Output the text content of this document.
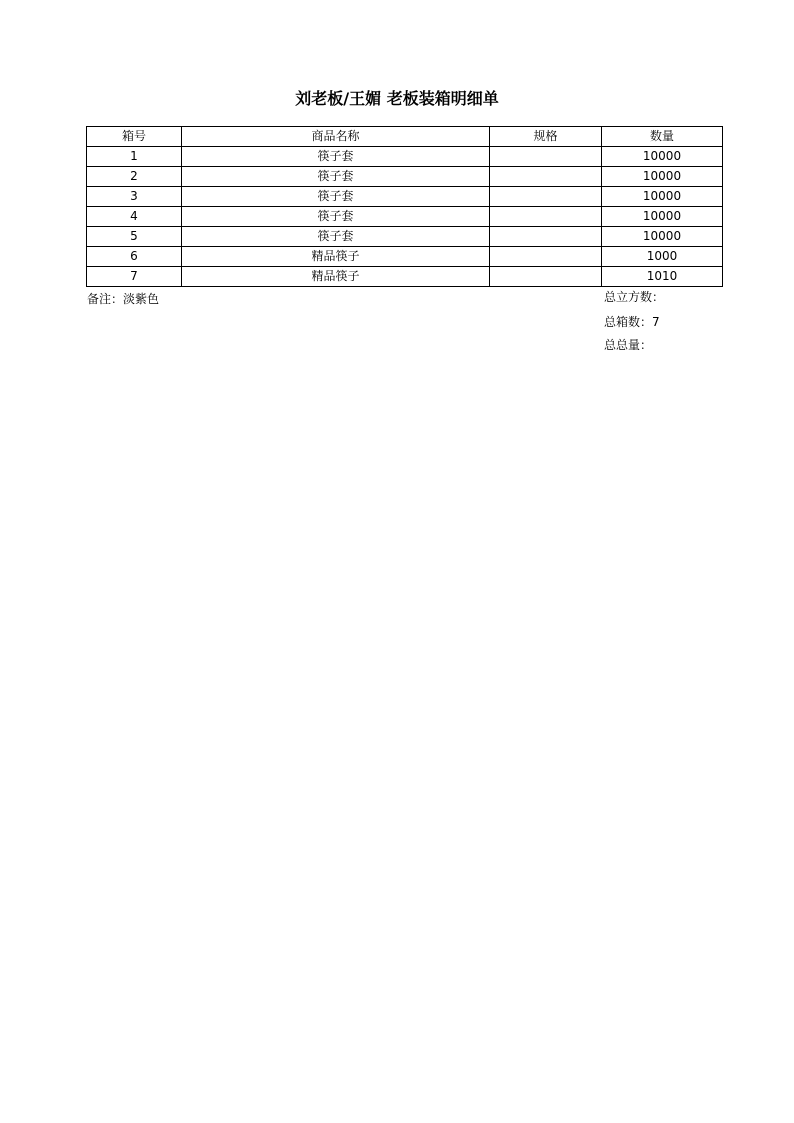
刘老板/王媚 老板装箱明细单
箱号	商品名称	规格	数量
1	筷子套		10000
2	筷子套		10000
3	筷子套		10000
4	筷子套		10000
5	筷子套		10000
6	精品筷子		1000
7	精品筷子		1010
备注：淡紫色	总立方数：
总箱数：7
总总量：
